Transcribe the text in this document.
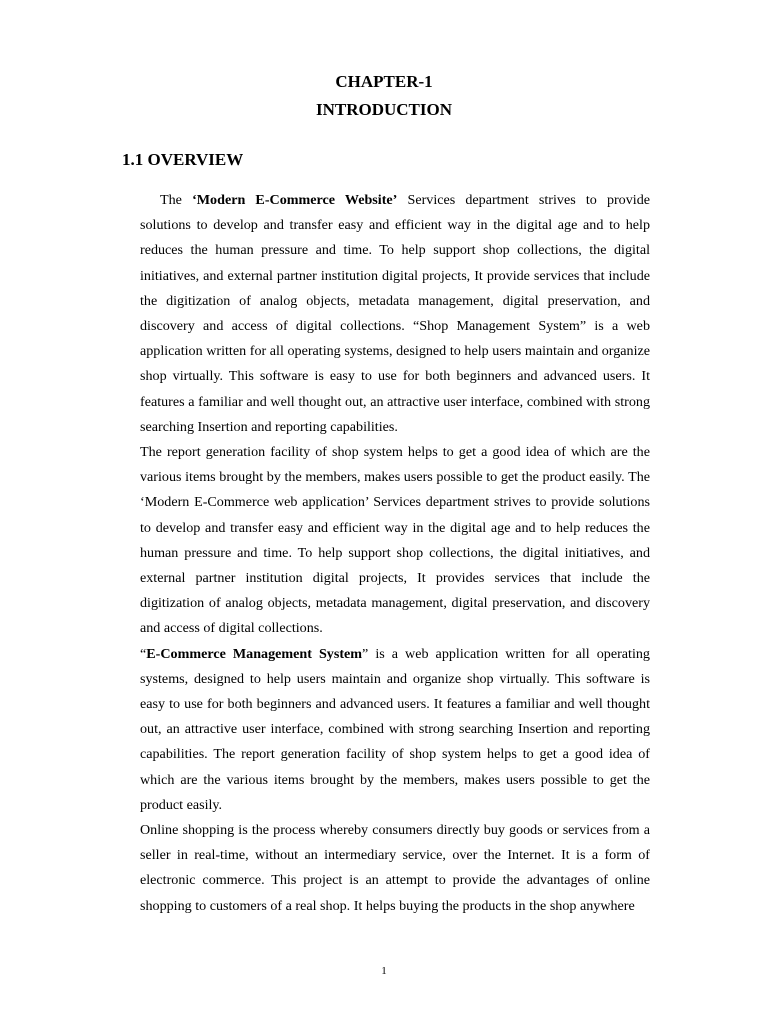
CHAPTER-1
INTRODUCTION
1.1 OVERVIEW

The ‘Modern E-Commerce Website’ Services department strives to provide solutions to develop and transfer easy and efficient way in the digital age and to help reduces the human pressure and time. To help support shop collections, the digital initiatives, and external partner institution digital projects, It provide services that include the digitization of analog objects, metadata management, digital preservation, and discovery and access of digital collections. “Shop Management System” is a web application written for all operating systems, designed to help users maintain and organize shop virtually. This software is easy to use for both beginners and advanced users. It features a familiar and well thought out, an attractive user interface, combined with strong searching Insertion and reporting capabilities.

The report generation facility of shop system helps to get a good idea of which are the various items brought by the members, makes users possible to get the product easily. The ‘Modern E-Commerce web application’ Services department strives to provide solutions to develop and transfer easy and efficient way in the digital age and to help reduces the human pressure and time. To help support shop collections, the digital initiatives, and external partner institution digital projects, It provides services that include the digitization of analog objects, metadata management, digital preservation, and discovery and access of digital collections.

“E-Commerce Management System” is a web application written for all operating systems, designed to help users maintain and organize shop virtually. This software is easy to use for both beginners and advanced users. It features a familiar and well thought out, an attractive user interface, combined with strong searching Insertion and reporting capabilities. The report generation facility of shop system helps to get a good idea of which are the various items brought by the members, makes users possible to get the product easily.

Online shopping is the process whereby consumers directly buy goods or services from a seller in real-time, without an intermediary service, over the Internet. It is a form of electronic commerce. This project is an attempt to provide the advantages of online shopping to customers of a real shop. It helps buying the products in the shop anywhere

1
